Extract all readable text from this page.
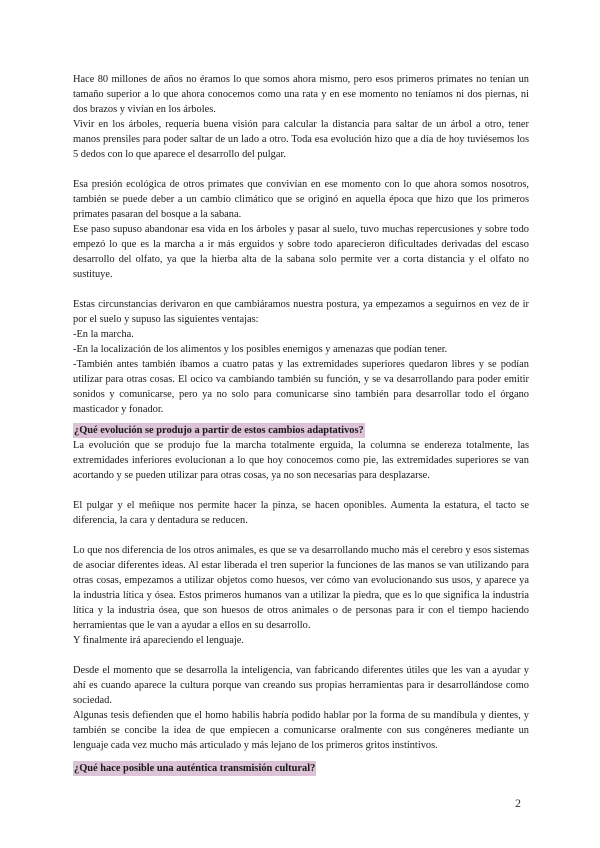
Hace 80 millones de años no éramos lo que somos ahora mismo, pero esos primeros primates no tenían un tamaño superior a lo que ahora conocemos como una rata y en ese momento no teníamos ni dos piernas, ni dos brazos y vivían en los árboles.

Vivir en los árboles, requería buena visión para calcular la distancia para saltar de un árbol a otro, tener manos prensiles para poder saltar de un lado a otro. Toda esa evolución hizo que a día de hoy tuviésemos los 5 dedos con lo que aparece el desarrollo del pulgar.

Esa presión ecológica de otros primates que convivían en ese momento con lo que ahora somos nosotros, también se puede deber a un cambio climático que se originó en aquella época que hizo que los primeros primates pasaran del bosque a la sabana.

Ese paso supuso abandonar esa vida en los árboles y pasar al suelo, tuvo muchas repercusiones y sobre todo empezó lo que es la marcha a ir más erguidos y sobre todo aparecieron dificultades derivadas del escaso desarrollo del olfato, ya que la hierba alta de la sabana solo permite ver a corta distancia y el olfato no sustituye.

Estas circunstancias derivaron en que cambiáramos nuestra postura, ya empezamos a seguirnos en vez de ir por el suelo y supuso las siguientes ventajas:

-En la marcha.

-En la localización de los alimentos y los posibles enemigos y amenazas que podían tener.

-También antes también íbamos a cuatro patas y las extremidades superiores quedaron libres y se podían utilizar para otras cosas. El ocico va cambiando también su función, y se va desarrollando para poder emitir sonidos y comunicarse, pero ya no solo para comunicarse sino también para desarrollar todo el órgano masticador y fonador.

¿Qué evolución se produjo a partir de estos cambios adaptativos?

La evolución que se produjo fue la marcha totalmente erguida, la columna se endereza totalmente, las extremidades inferiores evolucionan a lo que hoy conocemos como pie, las extremidades superiores se van acortando y se pueden utilizar para otras cosas, ya no son necesarias para desplazarse.

El pulgar y el meñique nos permite hacer la pinza, se hacen oponibles. Aumenta la estatura, el tacto se diferencia, la cara y dentadura se reducen.

Lo que nos diferencia de los otros animales, es que se va desarrollando mucho más el cerebro y esos sistemas de asociar diferentes ideas. Al estar liberada el tren superior la funciones de las manos se van utilizando para otras cosas, empezamos a utilizar objetos como huesos, ver cómo van evolucionando sus usos, y aparece ya la industria lítica y ósea. Estos primeros humanos van a utilizar la piedra, que es lo que significa la industria lítica y la industria ósea, que son huesos de otros animales o de personas para ir con el tiempo haciendo herramientas que le van a ayudar a ellos en su desarrollo.

Y finalmente irá apareciendo el lenguaje.

Desde el momento que se desarrolla la inteligencia, van fabricando diferentes útiles que les van a ayudar y ahí es cuando aparece la cultura porque van creando sus propias herramientas para ir desarrollándose como sociedad.

Algunas tesis defienden que el homo habilis habría podido hablar por la forma de su mandíbula y dientes, y también se concibe la idea de que empiecen a comunicarse oralmente con sus congéneres mediante un lenguaje cada vez mucho más articulado y más lejano de los primeros gritos instintivos.

¿Qué hace posible una auténtica transmisión cultural?

2
